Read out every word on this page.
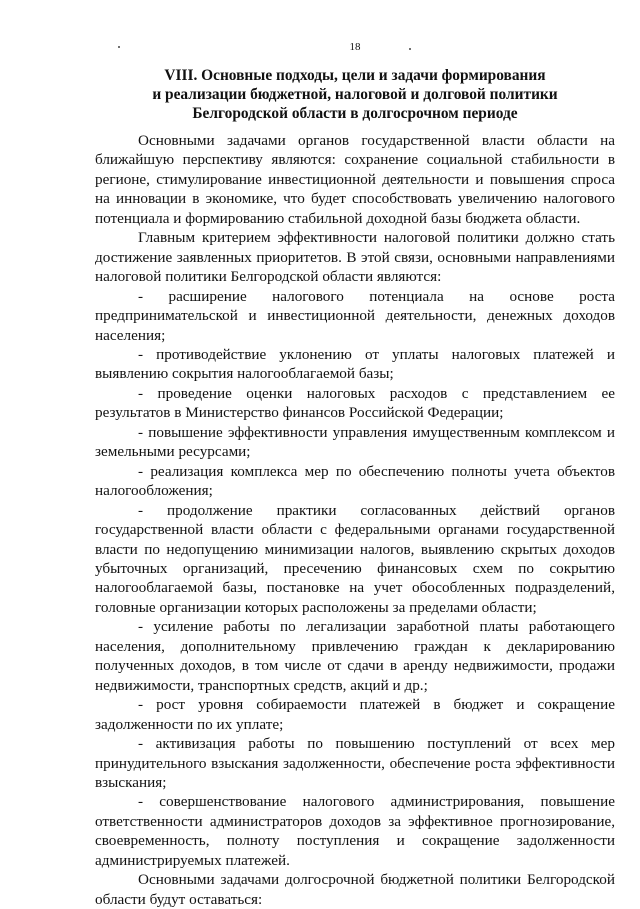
18
VIII. Основные подходы, цели и задачи формирования
и реализации бюджетной, налоговой и долговой политики
Белгородской области в долгосрочном периоде

Основными задачами органов государственной власти области на ближайшую перспективу являются: сохранение социальной стабильности в регионе, стимулирование инвестиционной деятельности и повышения спроса на инновации в экономике, что будет способствовать увеличению налогового потенциала и формированию стабильной доходной базы бюджета области.

Главным критерием эффективности налоговой политики должно стать достижение заявленных приоритетов. В этой связи, основными направлениями налоговой политики Белгородской области являются:

- расширение налогового потенциала на основе роста предпринимательской и инвестиционной деятельности, денежных доходов населения;

- противодействие уклонению от уплаты налоговых платежей и выявлению сокрытия налогооблагаемой базы;

- проведение оценки налоговых расходов с представлением ее результатов в Министерство финансов Российской Федерации;

- повышение эффективности управления имущественным комплексом и земельными ресурсами;

- реализация комплекса мер по обеспечению полноты учета объектов налогообложения;

- продолжение практики согласованных действий органов государственной власти области с федеральными органами государственной власти по недопущению минимизации налогов, выявлению скрытых доходов убыточных организаций, пресечению финансовых схем по сокрытию налогооблагаемой базы, постановке на учет обособленных подразделений, головные организации которых расположены за пределами области;

- усиление работы по легализации заработной платы работающего населения, дополнительному привлечению граждан к декларированию полученных доходов, в том числе от сдачи в аренду недвижимости, продажи недвижимости, транспортных средств, акций и др.;

- рост уровня собираемости платежей в бюджет и сокращение задолженности по их уплате;

- активизация работы по повышению поступлений от всех мер принудительного взыскания задолженности, обеспечение роста эффективности взыскания;

- совершенствование налогового администрирования, повышение ответственности администраторов доходов за эффективное прогнозирование, своевременность, полноту поступления и сокращение задолженности администрируемых платежей.

Основными задачами долгосрочной бюджетной политики Белгородской области будут оставаться:
